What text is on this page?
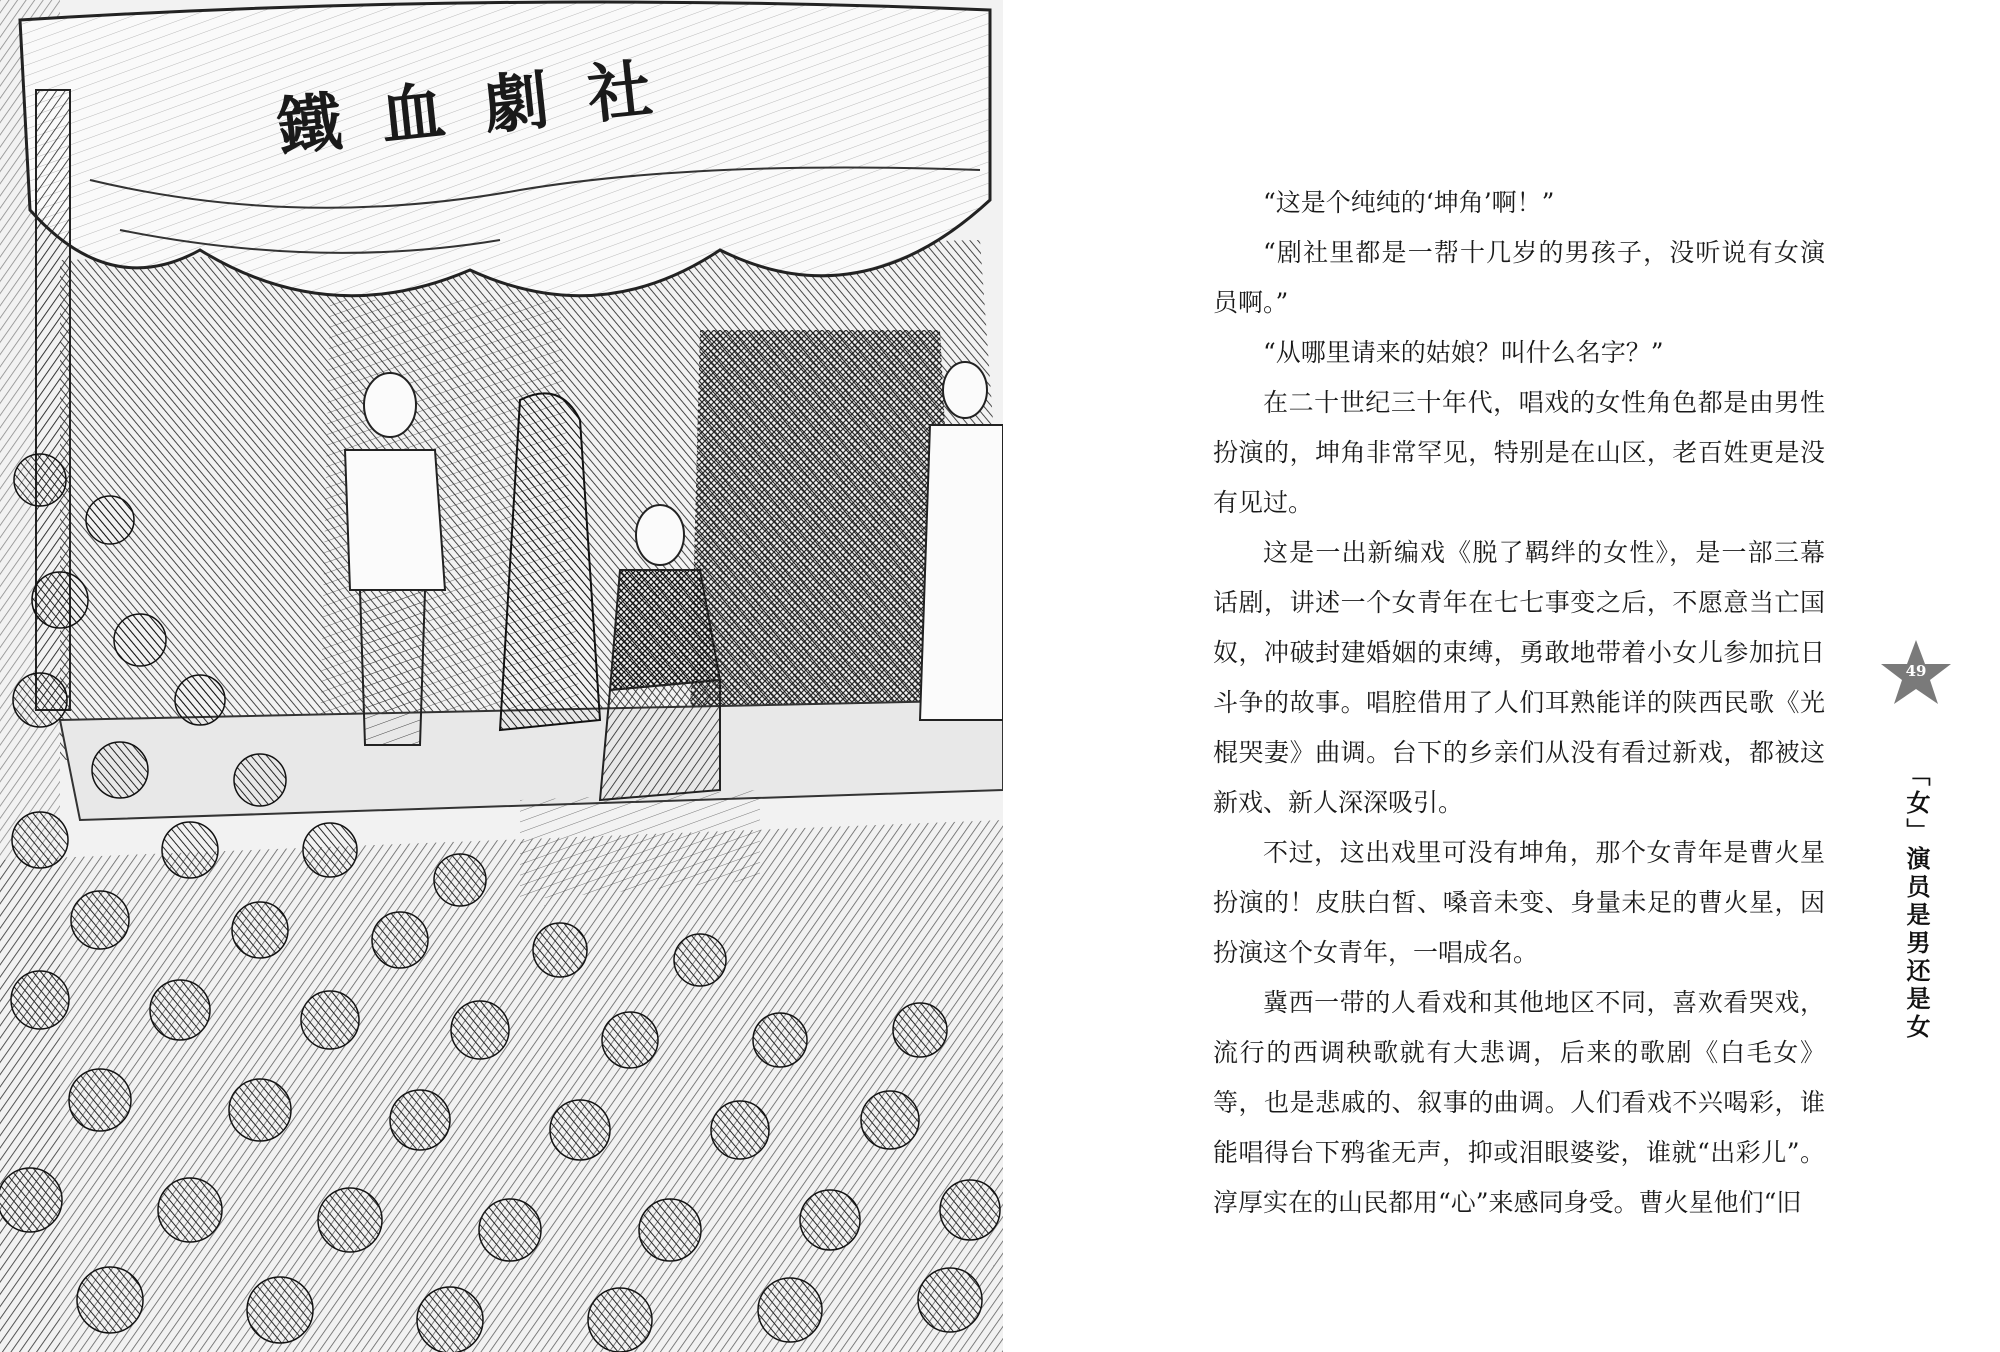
鐵血劇社

“这是个纯纯的‘坤角’啊！”

“剧社里都是一帮十几岁的男孩子，没听说有女演员啊。”

“从哪里请来的姑娘？叫什么名字？”

在二十世纪三十年代，唱戏的女性角色都是由男性扮演的，坤角非常罕见，特别是在山区，老百姓更是没有见过。

这是一出新编戏《脱了羁绊的女性》，是一部三幕话剧，讲述一个女青年在七七事变之后，不愿意当亡国奴，冲破封建婚姻的束缚，勇敢地带着小女儿参加抗日斗争的故事。唱腔借用了人们耳熟能详的陕西民歌《光棍哭妻》曲调。台下的乡亲们从没有看过新戏，都被这新戏、新人深深吸引。

不过，这出戏里可没有坤角，那个女青年是曹火星扮演的！皮肤白皙、嗓音未变、身量未足的曹火星，因扮演这个女青年，一唱成名。

冀西一带的人看戏和其他地区不同，喜欢看哭戏，流行的西调秧歌就有大悲调，后来的歌剧《白毛女》等，也是悲戚的、叙事的曲调。人们看戏不兴喝彩，谁能唱得台下鸦雀无声，抑或泪眼婆娑，谁就“出彩儿”。淳厚实在的山民都用“心”来感同身受。曹火星他们“旧

49
「女」演员是男还是女
